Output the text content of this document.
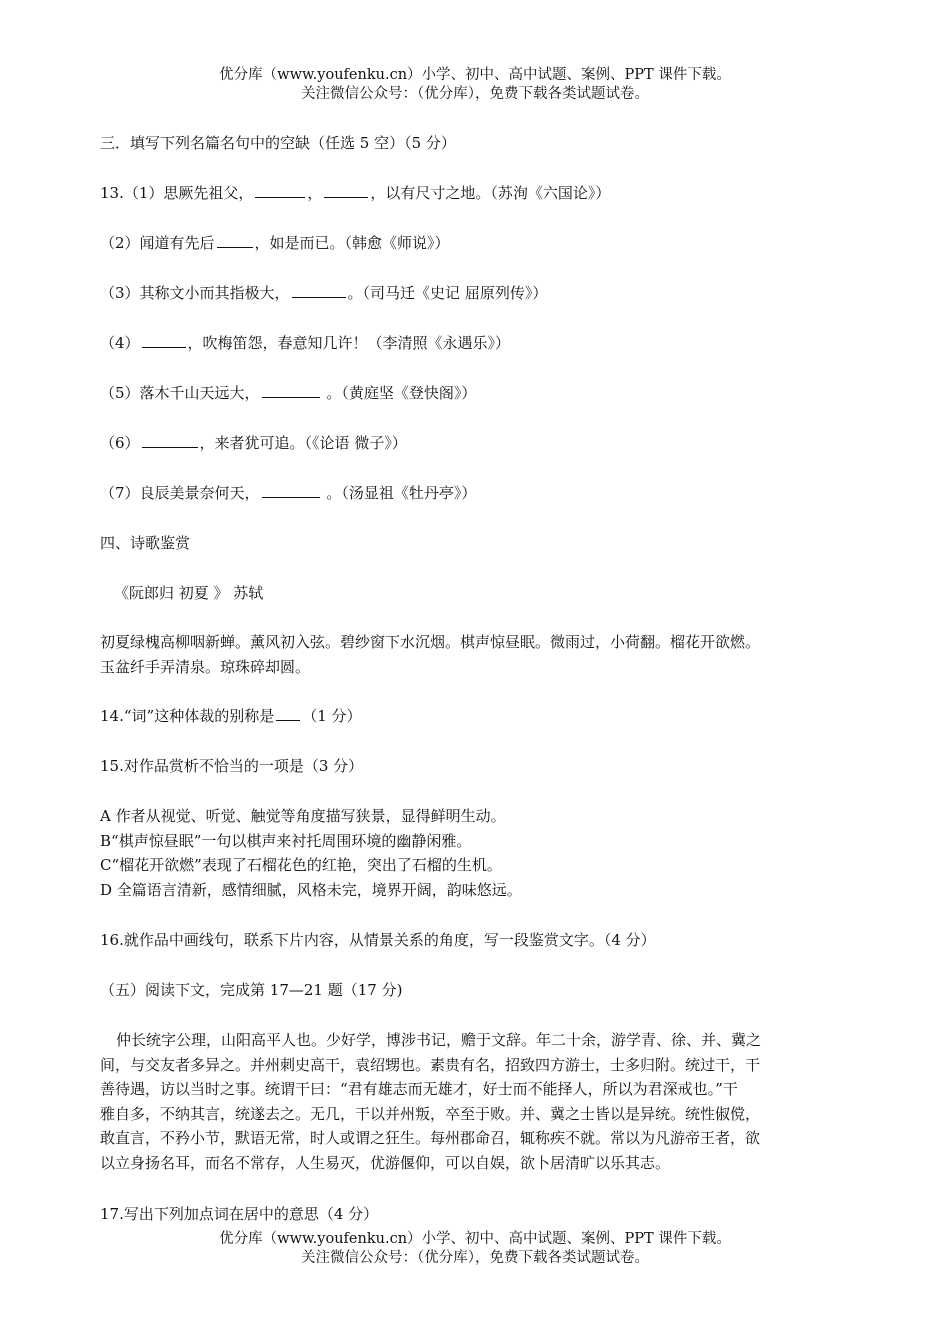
优分库（www.youfenku.cn）小学、初中、高中试题、案例、PPT 课件下载。
关注微信公众号：（优分库），免费下载各类试题试卷。
三．填写下列名篇名句中的空缺（任选 5 空）（5 分）
13.（1）思厥先祖父，	，	，以有尺寸之地。（苏洵《六国论》）
（2）闻道有先后	，如是而已。（韩愈《师说》）
（3）其称文小而其指极大，	。（司马迁《史记 屈原列传》）
（4）	，吹梅笛怨，春意知几许！（李清照《永遇乐》）
（5）落木千山天远大，	。（黄庭坚《登快阁》）
（6）	，来者犹可追。（《论语 微子》）
（7）良辰美景奈何天，	。（汤显祖《牡丹亭》）
四、诗歌鉴赏
《阮郎归 初夏 》 苏轼
初夏绿槐高柳咽新蝉。薰风初入弦。碧纱窗下水沉烟。棋声惊昼眠。微雨过，小荷翻。榴花开欲燃。
玉盆纤手弄清泉。琼珠碎却圆。
14.“词”这种体裁的别称是 （1 分）
15.对作品赏析不恰当的一项是（3 分）
A 作者从视觉、听觉、触觉等角度描写狭景，显得鲜明生动。
B“棋声惊昼眠”一句以棋声来衬托周围环境的幽静闲雅。
C“榴花开欲燃”表现了石榴花色的红艳，突出了石榴的生机。
D 全篇语言清新，感情细腻，风格未完，境界开阔，韵味悠远。
16.就作品中画线句，联系下片内容，从情景关系的角度，写一段鉴赏文字。（4 分）
（五）阅读下文，完成第 17—21 题（17 分)
仲长统字公理，山阳高平人也。少好学，博涉书记，赡于文辞。年二十余，游学青、徐、并、冀之
间，与交友者多异之。并州刺史高干，袁绍甥也。素贵有名，招致四方游士，士多归附。统过干，干
善待遇，访以当时之事。统谓干曰：“君有雄志而无雄才，好士而不能择人，所以为君深戒也。”干
雅自多，不纳其言，统遂去之。无几，干以并州叛，卒至于败。并、冀之士皆以是异统。统性俶傥，
敢直言，不矜小节，默语无常，时人或谓之狂生。每州郡命召，辄称疾不就。常以为凡游帝王者，欲
以立身扬名耳，而名不常存，人生易灭，优游偃仰，可以自娱，欲卜居清旷以乐其志。
17.写出下列加点词在居中的意思（4 分）
优分库（www.youfenku.cn）小学、初中、高中试题、案例、PPT 课件下载。
关注微信公众号：（优分库），免费下载各类试题试卷。
